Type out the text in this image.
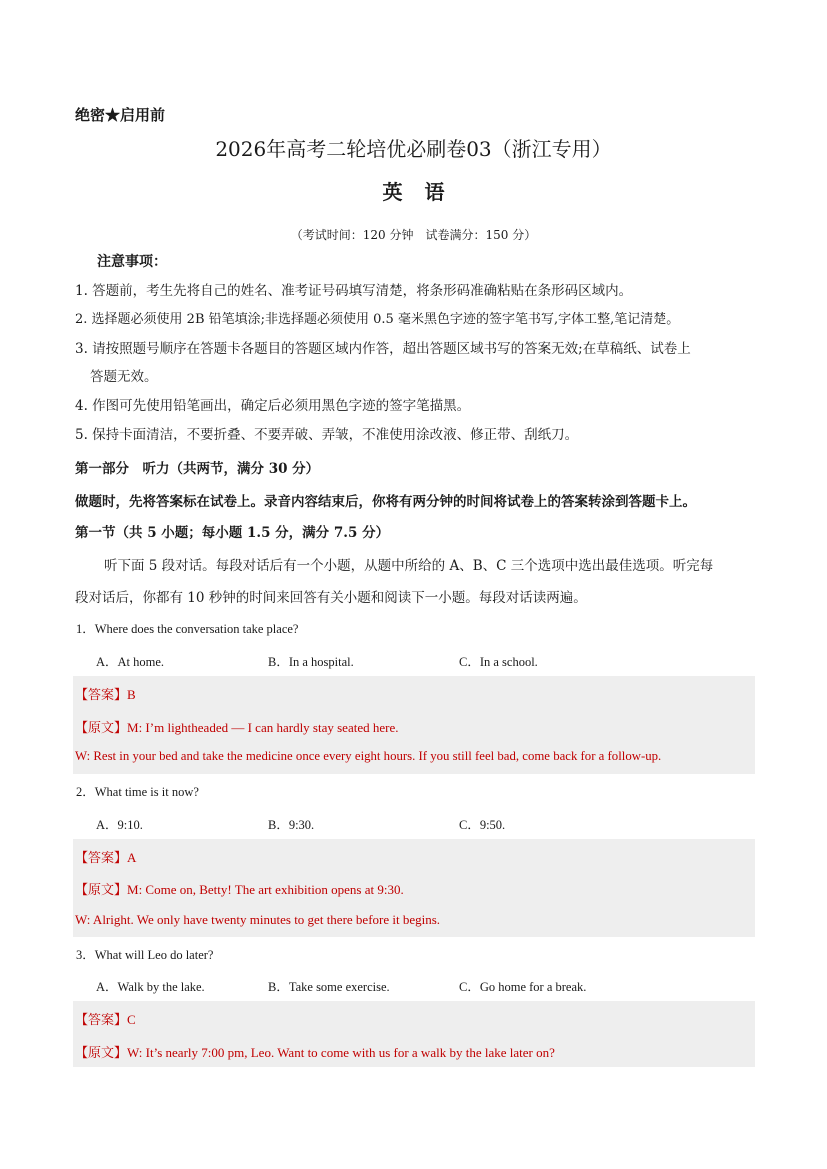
绝密★启用前
2026年高考二轮培优必刷卷03（浙江专用）
英语
（考试时间：120 分钟　试卷满分：150 分）
注意事项：
1. 答题前，考生先将自己的姓名、准考证号码填写清楚，将条形码准确粘贴在条形码区域内。
2. 选择题必须使用 2B 铅笔填涂;非选择题必须使用 0.5 毫米黑色字迹的签字笔书写,字体工整,笔记清楚。
3. 请按照题号顺序在答题卡各题目的答题区域内作答，超出答题区域书写的答案无效;在草稿纸、试卷上
答题无效。
4. 作图可先使用铅笔画出，确定后必须用黑色字迹的签字笔描黑。
5. 保持卡面清洁，不要折叠、不要弄破、弄皱，不准使用涂改液、修正带、刮纸刀。
第一部分　听力（共两节，满分 30 分）
做题时，先将答案标在试卷上。录音内容结束后，你将有两分钟的时间将试卷上的答案转涂到答题卡上。
第一节（共 5 小题；每小题 1.5 分，满分 7.5 分）
听下面 5 段对话。每段对话后有一个小题，从题中所给的 A、B、C 三个选项中选出最佳选项。听完每
段对话后，你都有 10 秒钟的时间来回答有关小题和阅读下一小题。每段对话读两遍。
1．Where does the conversation take place?
A．At home.	B．In a hospital.	C．In a school.
【答案】B
【原文】M: I’m lightheaded — I can hardly stay seated here.
W: Rest in your bed and take the medicine once every eight hours. If you still feel bad, come back for a follow-up.
2．What time is it now?
A．9:10.	B．9:30.	C．9:50.
【答案】A
【原文】M: Come on, Betty! The art exhibition opens at 9:30.
W: Alright. We only have twenty minutes to get there before it begins.
3．What will Leo do later?
A．Walk by the lake.	B．Take some exercise.	C．Go home for a break.
【答案】C
【原文】W: It’s nearly 7:00 pm, Leo. Want to come with us for a walk by the lake later on?
